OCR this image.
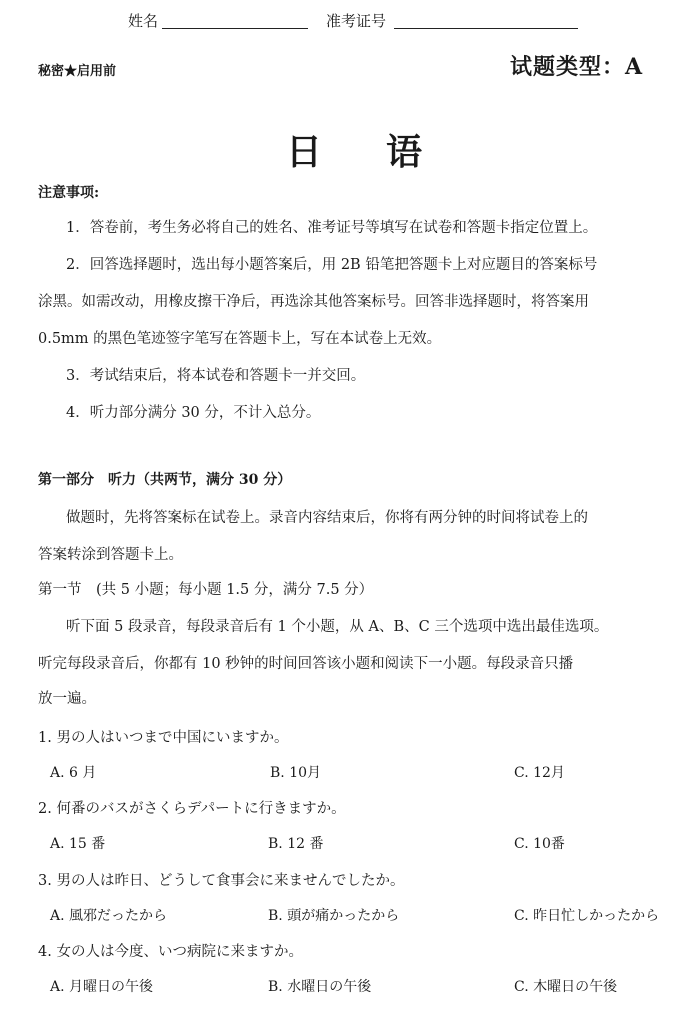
姓名	准考证号
秘密★启用前	试题类型：A
日 语
注意事项:
1．答卷前，考生务必将自己的姓名、准考证号等填写在试卷和答题卡指定位置上。
2．回答选择题时，选出每小题答案后，用 2B 铅笔把答题卡上对应题目的答案标号
涂黑。如需改动，用橡皮擦干净后，再选涂其他答案标号。回答非选择题时，将答案用
0.5mm 的黑色笔迹签字笔写在答题卡上，写在本试卷上无效。
3．考试结束后，将本试卷和答题卡一并交回。
4．听力部分满分 30 分，不计入总分。
第一部分　听力（共两节，满分 30 分）
做题时，先将答案标在试卷上。录音内容结束后，你将有两分钟的时间将试卷上的
答案转涂到答题卡上。
第一节　(共 5 小题；每小题 1.5 分，满分 7.5 分）
听下面 5 段录音，每段录音后有 1 个小题，从 A、B、C 三个选项中选出最佳选项。
听完每段录音后，你都有 10 秒钟的时间回答该小题和阅读下一小题。每段录音只播
放一遍。
1. 男の人はいつまで中国にいますか。
A. 6 月	B. 10月	C. 12月
2. 何番のバスがさくらデパートに行きますか。
A. 15 番	B. 12 番	C. 10番
3. 男の人は昨日、どうして食事会に来ませんでしたか。
A. 風邪だったから	B. 頭が痛かったから	C. 昨日忙しかったから
4. 女の人は今度、いつ病院に来ますか。
A. 月曜日の午後	B. 水曜日の午後	C. 木曜日の午後
